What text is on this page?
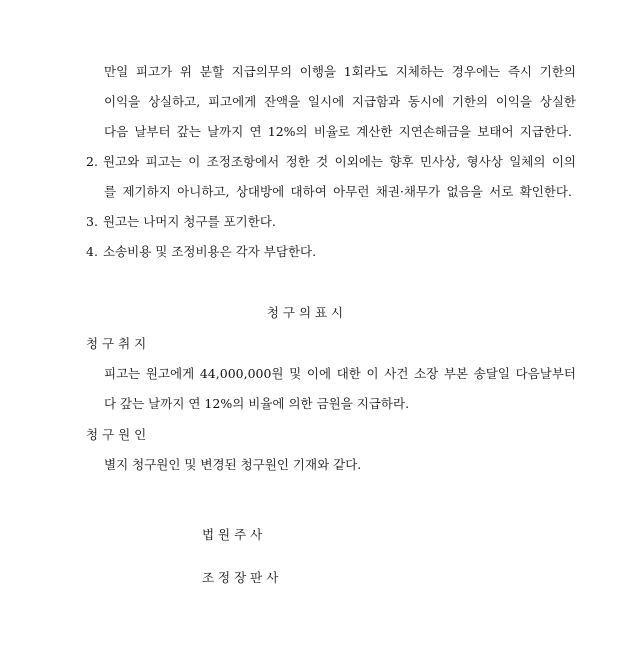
만일 피고가 위 분할 지급의무의 이행을 1회라도 지체하는 경우에는 즉시 기한의
이익을 상실하고, 피고에게 잔액을 일시에 지급함과 동시에 기한의 이익을 상실한
다음 날부터 갚는 날까지 연 12%의 비율로 계산한 지연손해금을 보태어 지급한다.
2. 원고와 피고는 이 조정조항에서 정한 것 이외에는 향후 민사상, 형사상 일체의 이의
를 제기하지 아니하고, 상대방에 대하여 아무런 채권·채무가 없음을 서로 확인한다.
3. 원고는 나머지 청구를 포기한다.
4. 소송비용 및 조정비용은 각자 부담한다.
청 구 의 표 시
청 구 취 지
피고는 원고에게 44,000,000원 및 이에 대한 이 사건 소장 부본 송달일 다음날부터
다 갚는 날까지 연 12%의 비율에 의한 금원을 지급하라.
청 구 원 인
별지 청구원인 및 변경된 청구원인 기재와 같다.
법 원 주 사
조 정 장 판 사
